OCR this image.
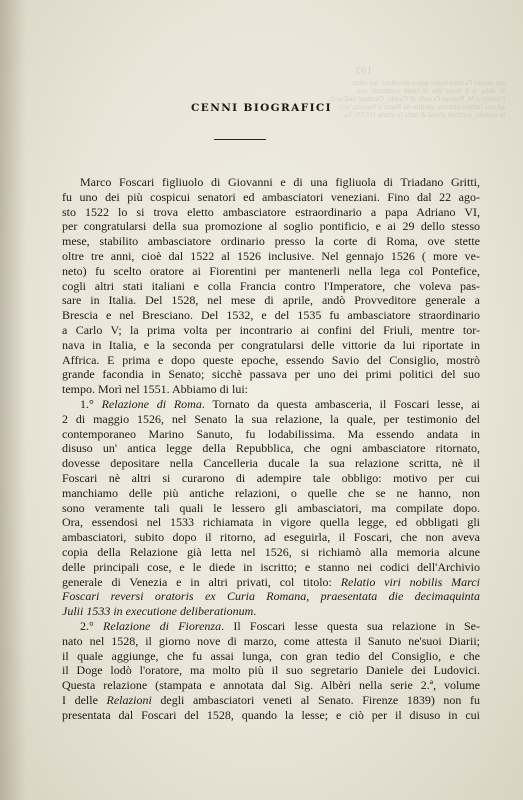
193
ata essere l'antica legge sopra ricordata, ma oltre
la data, e il testo che si tiene conformi, ecc.
l'autore a M. Foscari Grande di Caorle, Cardinal nell'arch.
ad una lettera privata, spedita da Roma a Venezia, ecc.
la vedono, scrittori stessi di tutta la storia (1537). La
CENNI BIOGRAFICI
Marco Foscari figliuolo di Giovanni e di una figliuola di Triadano Gritti,
fu uno dei più cospicui senatori ed ambasciatori veneziani. Fino dal 22 ago-
sto 1522 lo si trova eletto ambasciatore estraordinario a papa Adriano VI,
per congratularsi della sua promozione al soglio pontificio, e ai 29 dello stesso
mese, stabilito ambasciatore ordinario presso la corte di Roma, ove stette
oltre tre anni, cioè dal 1522 al 1526 inclusive. Nel gennajo 1526 ( more ve-
neto) fu scelto oratore ai Fiorentini per mantenerli nella lega col Pontefice,
cogli altri stati italiani e colla Francia contro l'Imperatore, che voleva pas-
sare in Italia. Del 1528, nel mese di aprile, andò Provveditore generale a
Brescia e nel Bresciano. Del 1532, e del 1535 fu ambasciatore straordinario
a Carlo V; la prima volta per incontrario ai confini del Friuli, mentre tor-
nava in Italia, e la seconda per congratularsi delle vittorie da lui riportate in
Affrica. E prima e dopo queste epoche, essendo Savio del Consiglio, mostrò
grande facondia in Senato; sicchè passava per uno dei primi politici del suo
tempo. Morì nel 1551. Abbiamo di lui:
1.° Relazione di Roma. Tornato da questa ambasceria, il Foscari lesse, ai
2 di maggio 1526, nel Senato la sua relazione, la quale, per testimonio del
contemporaneo Marino Sanuto, fu lodabilissima. Ma essendo andata in
disuso un' antica legge della Repubblica, che ogni ambasciatore ritornato,
dovesse depositare nella Cancelleria ducale la sua relazione scritta, nè il
Foscari nè altri si curarono di adempire tale obbligo: motivo per cui
manchiamo delle più antiche relazioni, o quelle che se ne hanno, non
sono veramente tali quali le lessero gli ambasciatori, ma compilate dopo.
Ora, essendosi nel 1533 richiamata in vigore quella legge, ed obbligati gli
ambasciatori, subito dopo il ritorno, ad eseguirla, il Foscari, che non aveva
copia della Relazione già letta nel 1526, si richiamò alla memoria alcune
delle principali cose, e le diede in iscritto; e stanno nei codici dell'Archivio
generale di Venezia e in altri privati, col titolo: Relatio viri nobilis Marci
Foscari reversi oratoris ex Curia Romana, praesentata die decimaquinta
Julii 1533 in executione deliberationum.
2.° Relazione di Fiorenza. Il Foscari lesse questa sua relazione in Se-
nato nel 1528, il giorno nove di marzo, come attesta il Sanuto ne'suoi Diarii;
il quale aggiunge, che fu assai lunga, con gran tedio del Consiglio, e che
il Doge lodò l'oratore, ma molto più il suo segretario Daniele dei Ludovici.
Questa relazione (stampata e annotata dal Sig. Albèri nella serie 2.ª, volume
I delle Relazioni degli ambasciatori veneti al Senato. Firenze 1839) non fu
presentata dal Foscari del 1528, quando la lesse; e ciò per il disuso in cui
